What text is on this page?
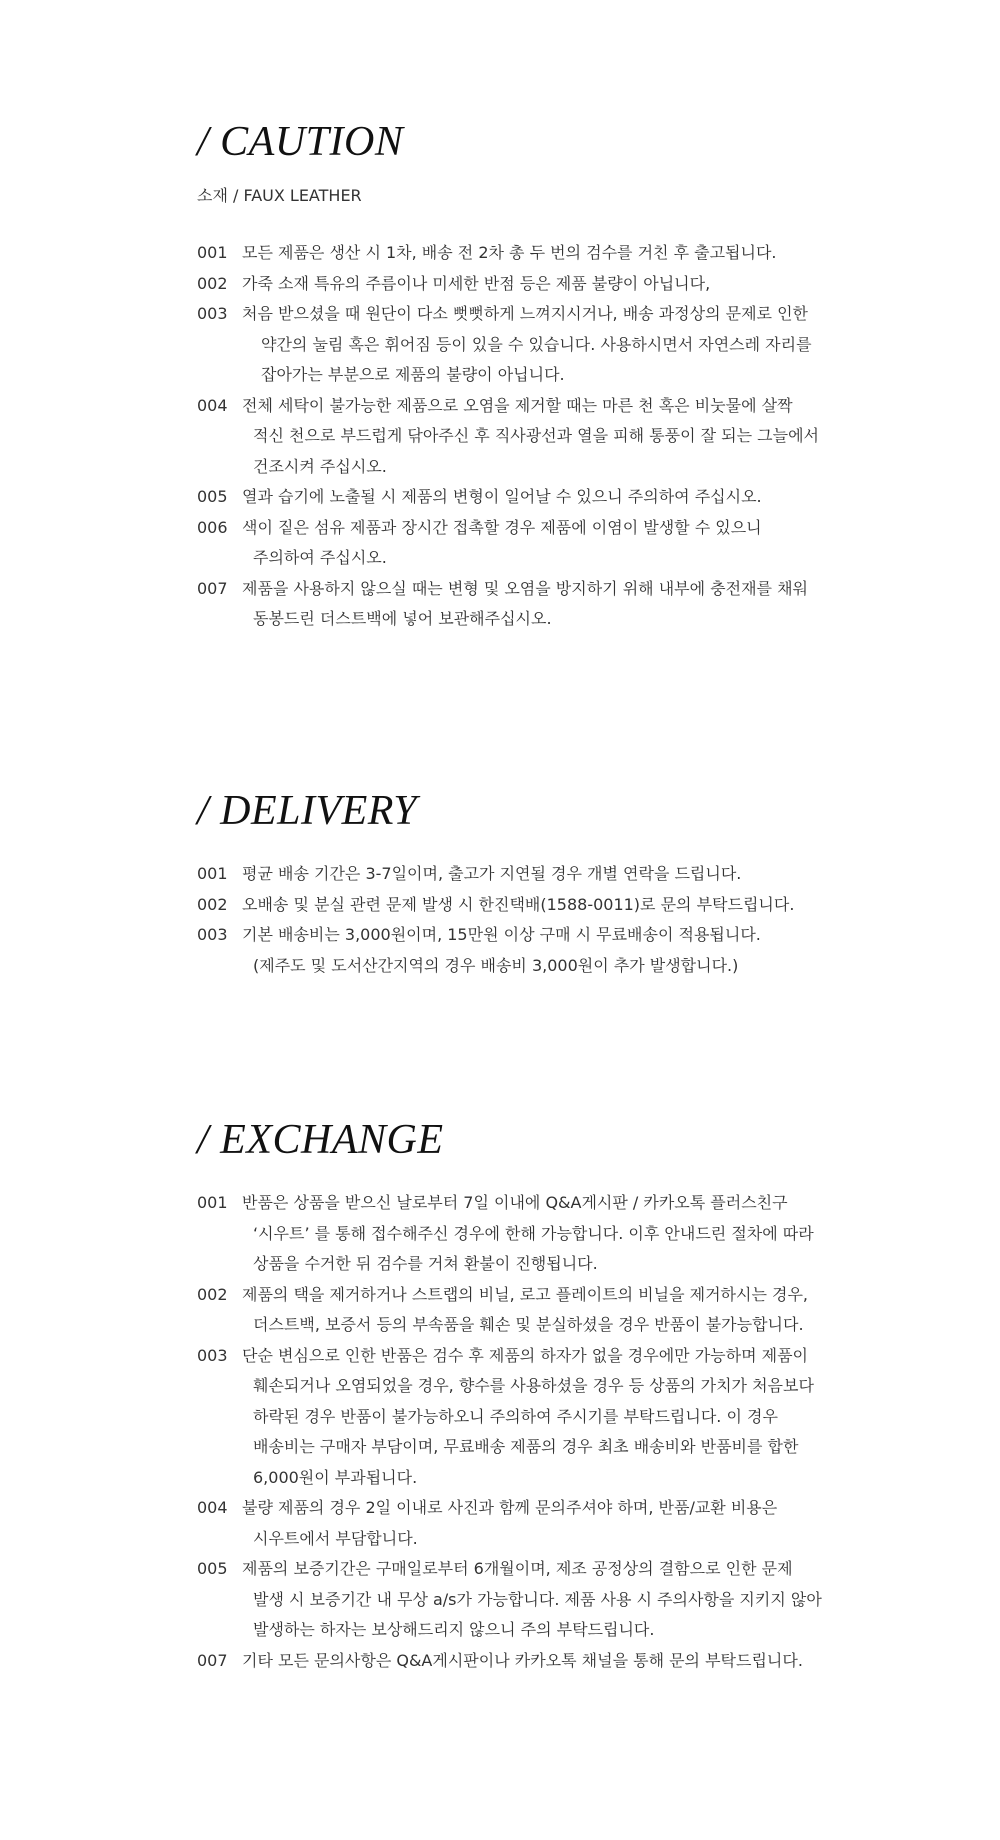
/ CAUTION
소재 / FAUX LEATHER
001 모든 제품은 생산 시 1차, 배송 전 2차 총 두 번의 검수를 거친 후 출고됩니다.
002 가죽 소재 특유의 주름이나 미세한 반점 등은 제품 불량이 아닙니다,
003 처음 받으셨을 때 원단이 다소 뻣뻣하게 느껴지시거나, 배송 과정상의 문제로 인한
약간의 눌림 혹은 휘어짐 등이 있을 수 있습니다. 사용하시면서 자연스레 자리를
잡아가는 부분으로 제품의 불량이 아닙니다.
004 전체 세탁이 불가능한 제품으로 오염을 제거할 때는 마른 천 혹은 비눗물에 살짝
적신 천으로 부드럽게 닦아주신 후 직사광선과 열을 피해 통풍이 잘 되는 그늘에서
건조시켜 주십시오.
005 열과 습기에 노출될 시 제품의 변형이 일어날 수 있으니 주의하여 주십시오.
006 색이 짙은 섬유 제품과 장시간 접촉할 경우 제품에 이염이 발생할 수 있으니
주의하여 주십시오.
007 제품을 사용하지 않으실 때는 변형 및 오염을 방지하기 위해 내부에 충전재를 채워
동봉드린 더스트백에 넣어 보관해주십시오.
/ DELIVERY
001 평균 배송 기간은 3-7일이며, 출고가 지연될 경우 개별 연락을 드립니다.
002 오배송 및 분실 관련 문제 발생 시 한진택배(1588-0011)로 문의 부탁드립니다.
003 기본 배송비는 3,000원이며, 15만원 이상 구매 시 무료배송이 적용됩니다.
(제주도 및 도서산간지역의 경우 배송비 3,000원이 추가 발생합니다.)
/ EXCHANGE
001 반품은 상품을 받으신 날로부터 7일 이내에 Q&A게시판 / 카카오톡 플러스친구
‘시우트’ 를 통해 접수해주신 경우에 한해 가능합니다. 이후 안내드린 절차에 따라
상품을 수거한 뒤 검수를 거쳐 환불이 진행됩니다.
002 제품의 택을 제거하거나 스트랩의 비닐, 로고 플레이트의 비닐을 제거하시는 경우,
더스트백, 보증서 등의 부속품을 훼손 및 분실하셨을 경우 반품이 불가능합니다.
003 단순 변심으로 인한 반품은 검수 후 제품의 하자가 없을 경우에만 가능하며 제품이
훼손되거나 오염되었을 경우, 향수를 사용하셨을 경우 등 상품의 가치가 처음보다
하락된 경우 반품이 불가능하오니 주의하여 주시기를 부탁드립니다. 이 경우
배송비는 구매자 부담이며, 무료배송 제품의 경우 최초 배송비와 반품비를 합한
6,000원이 부과됩니다.
004 불량 제품의 경우 2일 이내로 사진과 함께 문의주셔야 하며, 반품/교환 비용은
시우트에서 부담합니다.
005 제품의 보증기간은 구매일로부터 6개월이며, 제조 공정상의 결함으로 인한 문제
발생 시 보증기간 내 무상 a/s가 가능합니다. 제품 사용 시 주의사항을 지키지 않아
발생하는 하자는 보상해드리지 않으니 주의 부탁드립니다.
007 기타 모든 문의사항은 Q&A게시판이나 카카오톡 채널을 통해 문의 부탁드립니다.
